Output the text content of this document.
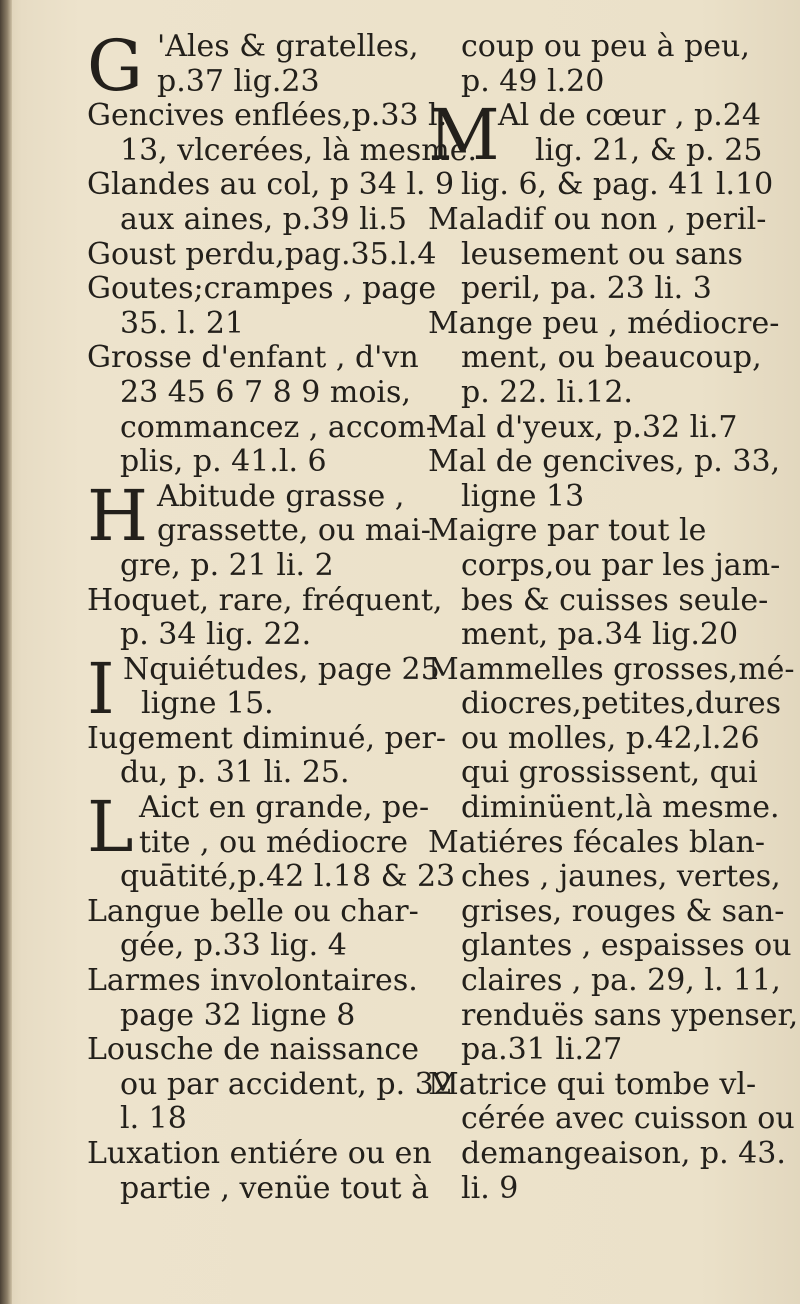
G 'Ales & gratelles,
p.37 lig.23
Gencives enflées,p.33 l.
13, vlcerées, là mesme.
Glandes au col, p 34 l. 9
aux aines, p.39 li.5
Goust perdu,pag.35.l.4
Goutes;crampes , page
35. l. 21
Grosse d'enfant , d'vn
23 45 6 7 8 9 mois,
commancez , accom-
plis, p. 41.l. 6
H Abitude grasse ,
grassette, ou mai-
gre, p. 21 li. 2
Hoquet, rare, fréquent,
p. 34 lig. 22.
I Nquiétudes, page 25
ligne 15.
Iugement diminué, per-
du, p. 31 li. 25.
L Aict en grande, pe-
tite , ou médiocre
quātité,p.42 l.18 & 23
Langue belle ou char-
gée, p.33 lig. 4
Larmes involontaires.
page 32 ligne 8
Lousche de naissance
ou par accident, p. 32
l. 18
Luxation entiére ou en
partie , venüe tout à
coup ou peu à peu,
p. 49 l.20
M
Al de cœur , p.24
lig. 21, & p. 25
lig. 6, & pag. 41 l.10
Maladif ou non , peril-
leusement ou sans
peril, pa. 23 li. 3
Mange peu , médiocre-
ment, ou beaucoup,
p. 22. li.12.
Mal d'yeux, p.32 li.7
Mal de gencives, p. 33,
ligne 13
Maigre par tout le
corps,ou par les jam-
bes & cuisses seule-
ment, pa.34 lig.20
Mammelles grosses,mé-
diocres,petites,dures
ou molles, p.42,l.26
qui grossissent, qui
diminüent,là mesme.
Matiéres fécales blan-
ches , jaunes, vertes,
grises, rouges & san-
glantes , espaisses ou
claires , pa. 29, l. 11,
renduës sans ypenser,
pa.31 li.27
Matrice qui tombe vl-
cérée avec cuisson ou
demangeaison, p. 43.
li. 9
